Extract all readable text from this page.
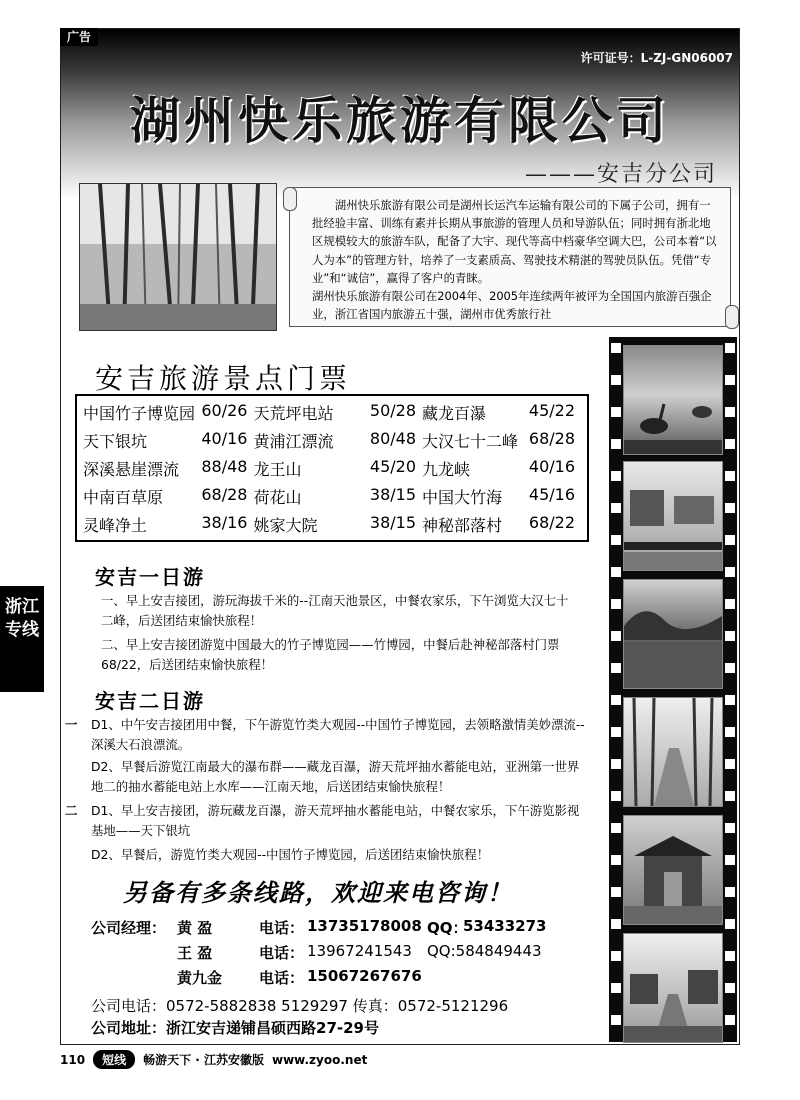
许可证号：L-ZJ-GN06007
湖州快乐旅游有限公司
———安吉分公司

湖州快乐旅游有限公司是湖州长运汽车运输有限公司的下属子公司，拥有一批经验丰富、训练有素并长期从事旅游的管理人员和导游队伍；同时拥有浙北地区规模较大的旅游车队，配备了大宇、现代等高中档豪华空调大巴，公司本着“以人为本”的管理方针，培养了一支素质高、驾驶技术精湛的驾驶员队伍。凭借“专业”和“诚信”，赢得了客户的青睐。

湖州快乐旅游有限公司在2004年、2005年连续两年被评为全国国内旅游百强企业，浙江省国内旅游五十强，湖州市优秀旅行社

安吉旅游景点门票
中国竹子博览园 60/26 天荒坪电站 50/28 藏龙百瀑	45/22
天下银坑	40/16 黄浦江漂流 80/48 大汉七十二峰 68/28
深溪悬崖漂流 88/48 龙王山	45/20 九龙峡	40/16
中南百草原 68/28 荷花山	38/15 中国大竹海 45/16
灵峰净土	38/16 姚家大院	38/15 神秘部落村 68/22
安吉一日游
一、早上安吉接团，游玩海拔千米的--江南天池景区，中餐农家乐，下午浏览大汉七十二峰，后送团结束愉快旅程！
二、早上安吉接团游览中国最大的竹子博览园——竹博园，中餐后赴神秘部落村门票68/22，后送团结束愉快旅程！
安吉二日游
一 D1、中午安吉接团用中餐，下午游览竹类大观园--中国竹子博览园，去领略激情美妙漂流--深溪大石浪漂流。
D2、早餐后游览江南最大的瀑布群——藏龙百瀑，游天荒坪抽水蓄能电站，亚洲第一世界地二的抽水蓄能电站上水库——江南天地，后送团结束愉快旅程！
二 D1、早上安吉接团，游玩藏龙百瀑，游天荒坪抽水蓄能电站，中餐农家乐，下午游览影视基地——天下银坑
D2、早餐后，游览竹类大观园--中国竹子博览园，后送团结束愉快旅程！
另备有多条线路，欢迎来电咨询！
公司经理： 黄 盈	电话： 13735178008 QQ：
53433273
王 盈	电话： 13967241543 QQ:584849443
黄九金 电话： 15067267676
公司电话：0572-5882838 5129297 传真：0572-5121296
公司地址：浙江安吉递铺昌硕西路27-29号
广告
浙江专线
110	短线	畅游天下 · 江苏安徽版 www.zyoo.net
